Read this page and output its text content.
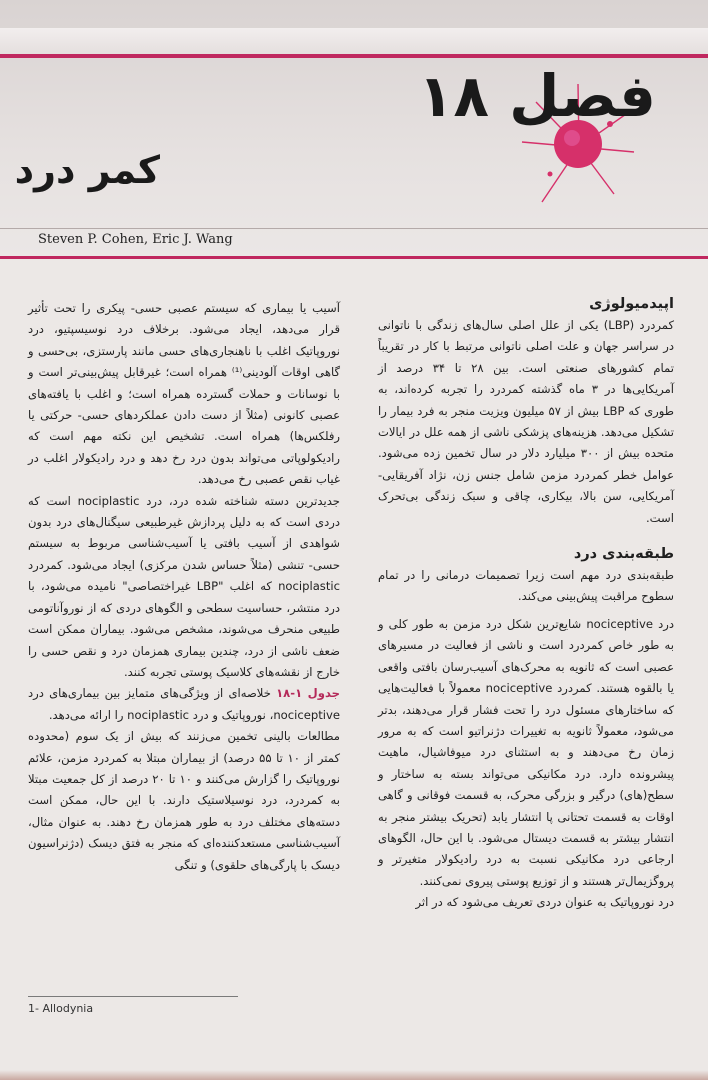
فصل ۱۸
کمر درد
Steven P. Cohen, Eric J. Wang
اپیدمیولوژی

کمردرد (LBP) یکی از علل اصلی سال‌های زندگی با ناتوانی در سراسر جهان و علت اصلی ناتوانی مرتبط با کار در تقریباً تمام کشورهای صنعتی است. بین ۲۸ تا ۳۴ درصد از آمریکایی‌ها در ۳ ماه گذشته کمردرد را تجربه کرده‌اند، به طوری که LBP بیش از ۵۷ میلیون ویزیت منجر به فرد بیمار را تشکیل می‌دهد. هزینه‌های پزشکی ناشی از همه علل در ایالات متحده بیش از ۳۰۰ میلیارد دلار در سال تخمین زده می‌شود. عوامل خطر کمردرد مزمن شامل جنس زن، نژاد آفریقایی- آمریکایی، سن بالا، بیکاری، چاقی و سبک زندگی بی‌تحرک است.

طبقه‌بندی درد

طبقه‌بندی درد مهم است زیرا تصمیمات درمانی را در تمام سطوح مراقبت پیش‌بینی می‌کند.

درد nociceptive شایع‌ترین شکل درد مزمن به طور کلی و به طور خاص کمردرد است و ناشی از فعالیت در مسیرهای عصبی است که ثانویه به محرک‌های آسیب‌رسان بافتی واقعی یا بالقوه هستند. کمردرد nociceptive معمولاً با فعالیت‌هایی که ساختارهای مسئول درد را تحت فشار قرار می‌دهند، بدتر می‌شود، معمولاً ثانویه به تغییرات دژنراتیو است که به مرور زمان رخ می‌دهند و به استثنای درد میوفاشیال، ماهیت پیشرونده دارد. درد مکانیکی می‌تواند بسته به ساختار و سطح(های) درگیر و بزرگی محرک، به قسمت فوقانی و گاهی اوقات به قسمت تحتانی پا انتشار یابد (تحریک بیشتر منجر به انتشار بیشتر به قسمت دیستال می‌شود. با این حال، الگوهای ارجاعی درد مکانیکی نسبت به درد رادیکولار متغیرتر و پروگزیمال‌تر هستند و از توزیع پوستی پیروی نمی‌کنند.

درد نوروپاتیک به عنوان دردی تعریف می‌شود که در اثر

آسیب یا بیماری که سیستم عصبی حسی- پیکری را تحت تأثیر قرار می‌دهد، ایجاد می‌شود. برخلاف درد نوسیسپتیو، درد نوروپاتیک اغلب با ناهنجاری‌های حسی مانند پارستزی، بی‌حسی و گاهی اوقات آلودینی⁽¹⁾ همراه است؛ غیرقابل پیش‌بینی‌تر است و با نوسانات و حملات گسترده همراه است؛ و اغلب با یافته‌های عصبی کانونی (مثلاً از دست دادن عملکردهای حسی- حرکتی یا رفلکس‌ها) همراه است. تشخیص این نکته مهم است که رادیکولوپاتی می‌تواند بدون درد رخ دهد و درد رادیکولار اغلب در غیاب نقص عصبی رخ می‌دهد.

جدیدترین دسته شناخته شده درد، درد nociplastic است که دردی است که به دلیل پردازش غیرطبیعی سیگنال‌های درد بدون شواهدی از آسیب بافتی یا آسیب‌شناسی مربوط به سیستم حسی- تنشی (مثلاً حساس شدن مرکزی) ایجاد می‌شود. کمردرد nociplastic که اغلب "LBP غیراختصاصی" نامیده می‌شود، با درد منتشر، حساسیت سطحی و الگوهای دردی که از نوروآناتومی طبیعی منحرف می‌شوند، مشخص می‌شود. بیماران ممکن است ضعف ناشی از درد، چندین بیماری همزمان درد و نقص حسی را خارج از نقشه‌های کلاسیک پوستی تجربه کنند.

جدول ۱-۱۸ خلاصه‌ای از ویژگی‌های متمایز بین بیماری‌های درد nociceptive، نوروپاتیک و درد nociplastic را ارائه می‌دهد.

مطالعات بالینی تخمین می‌زنند که بیش از یک سوم (محدوده کمتر از ۱۰ تا ۵۵ درصد) از بیماران مبتلا به کمردرد مزمن، علائم نوروپاتیک را گزارش می‌کنند و ۱۰ تا ۲۰ درصد از کل جمعیت مبتلا به کمردرد، درد نوسیلاستیک دارند. با این حال، ممکن است دسته‌های مختلف درد به طور همزمان رخ دهند. به عنوان مثال، آسیب‌شناسی مستعدکننده‌ای که منجر به فتق دیسک (دژنراسیون دیسک با پارگی‌های حلقوی) و تنگی

1- Allodynia
